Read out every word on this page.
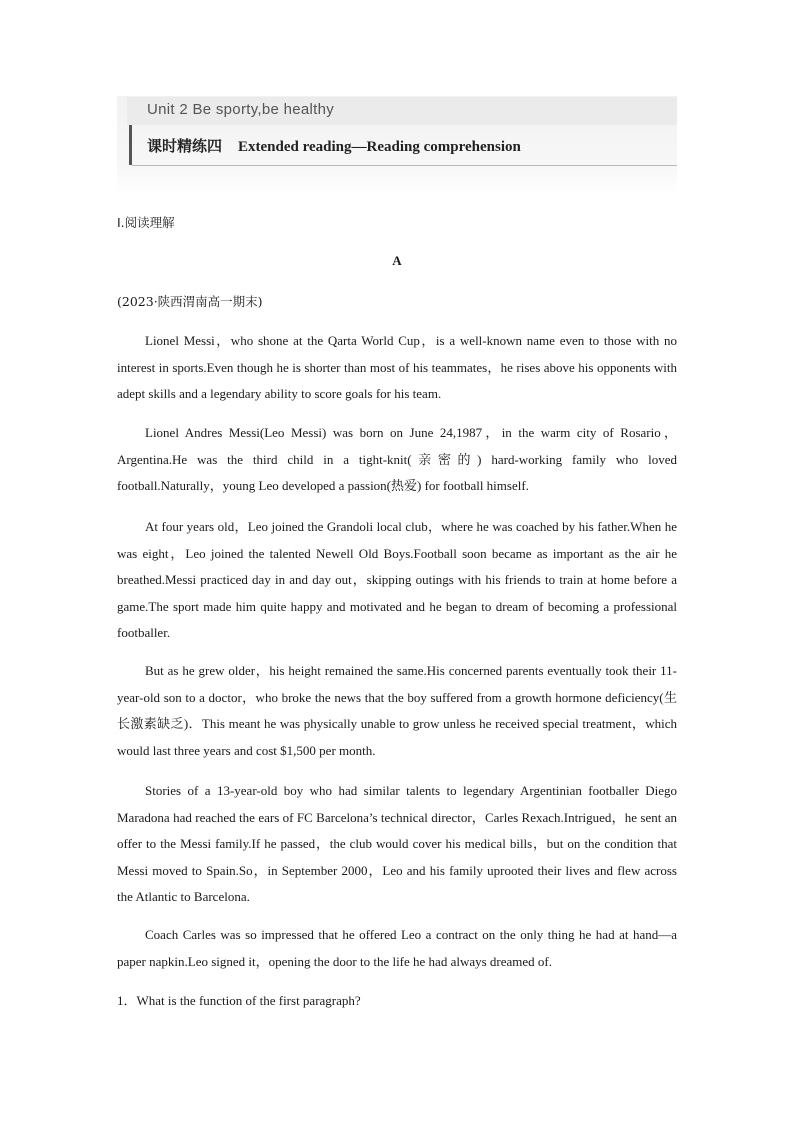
Unit 2 Be sporty,be healthy
课时精练四 Extended reading—Reading comprehension
Ⅰ.阅读理解
A
(2023·陕西渭南高一期末)

Lionel Messi，who shone at the Qarta World Cup，is a well-known name even to those with no interest in sports.Even though he is shorter than most of his teammates，he rises above his opponents with adept skills and a legendary ability to score goals for his team.

Lionel Andres Messi(Leo Messi) was born on June 24,1987，in the warm city of Rosario，Argentina.He was the third child in a tight-knit(亲密的) hard-working family who loved football.Naturally，young Leo developed a passion(热爱) for football himself.

At four years old，Leo joined the Grandoli local club，where he was coached by his father.When he was eight，Leo joined the talented Newell Old Boys.Football soon became as important as the air he breathed.Messi practiced day in and day out，skipping outings with his friends to train at home before a game.The sport made him quite happy and motivated and he began to dream of becoming a professional footballer.

But as he grew older，his height remained the same.His concerned parents eventually took their 11-year-old son to a doctor，who broke the news that the boy suffered from a growth hormone deficiency(生长激素缺乏)．This meant he was physically unable to grow unless he received special treatment，which would last three years and cost $1,500 per month.

Stories of a 13-year-old boy who had similar talents to legendary Argentinian footballer Diego Maradona had reached the ears of FC Barcelona’s technical director，Carles Rexach.Intrigued，he sent an offer to the Messi family.If he passed，the club would cover his medical bills，but on the condition that Messi moved to Spain.So，in September 2000，Leo and his family uprooted their lives and flew across the Atlantic to Barcelona.

Coach Carles was so impressed that he offered Leo a contract on the only thing he had at hand—a paper napkin.Leo signed it，opening the door to the life he had always dreamed of.

1．What is the function of the first paragraph?
